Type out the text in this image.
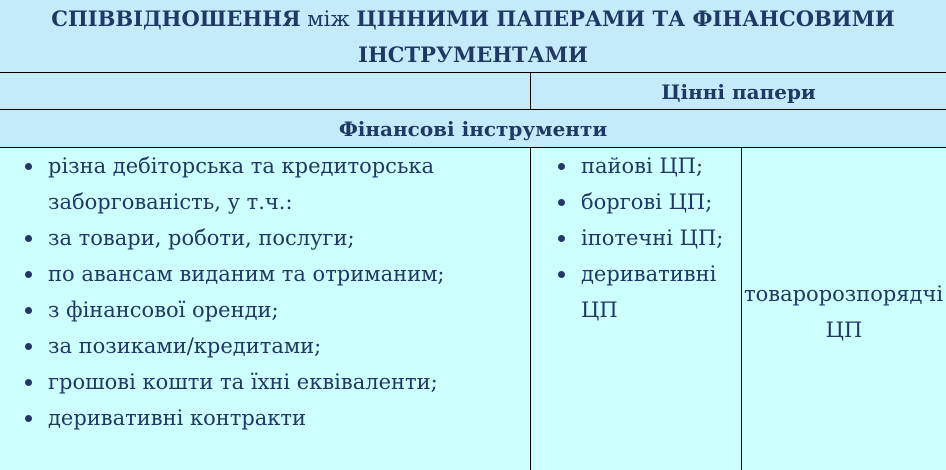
СПІВВІДНОШЕННЯ між ЦІННИМИ ПАПЕРАМИ ТА ФІНАНСОВИМИ
ІНСТРУМЕНТАМИ
Цінні папери
Фінансові інструменти
різна дебіторська та кредиторська заборгованість, у т.ч.:
за товари, роботи, послуги;
по авансам виданим та отриманим;
з фінансової оренди;
за позиками/кредитами;
грошові кошти та їхні еквіваленти;
деривативні контракти
пайові ЦП;
боргові ЦП;
іпотечні ЦП;
деривативні ЦП
товаророзпорядчі
ЦП
